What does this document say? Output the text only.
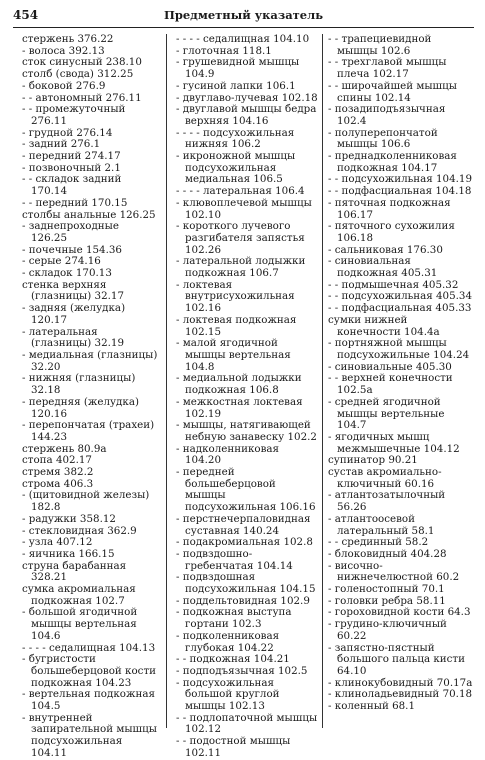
454	Предметный указатель

стержень 376.22

- волоса 392.13

сток синусный 238.10

столб (свода) 312.25

- боковой 276.9

- - автономный 276.11

- - промежуточный 276.11

- грудной 276.14

- задний 276.1

- передний 274.17

- позвоночный 2.1

- - складок задний 170.14

- - передний 170.15

столбы анальные 126.25

- заднепроходные 126.25

- почечные 154.36

- серые 274.16

- складок 170.13

стенка верхняя (глазницы) 32.17

- задняя (желудка) 120.17

- латеральная (глазницы) 32.19

- медиальная (глазницы) 32.20

- нижняя (глазницы) 32.18

- передняя (желудка) 120.16

- перепончатая (трахеи) 144.23

стержень 80.9а

стопа 402.17

стремя 382.2

строма 406.3

- (щитовидной железы) 182.8

- радужки 358.12

- стекловидная 362.9

- узла 407.12

- яичника 166.15

струна барабанная 328.21

сумка акромиальная подкожная 102.7

- большой ягодичной мышцы вертельная 104.6

- - - - седалищная 104.13

- бугристости большеберцовой кости подкожная 104.23

- вертельная подкожная 104.5

- внутренней запирательной мышцы подсухожильная 104.11

- - - - седалищная 104.10

- глоточная 118.1

- грушевидной мышцы 104.9

- гусиной лапки 106.1

- двуглаво-лучевая 102.18

- двуглавой мышцы бедра верхняя 104.16

- - - - подсухожильная нижняя 106.2

- икроножной мышцы подсухожильная медиальная 106.5

- - - - латеральная 106.4

- клювоплечевой мышцы 102.10

- короткого лучевого разгибателя запястья 102.26

- латеральной лодыжки подкожная 106.7

- локтевая внутрисухожильная 102.16

- локтевая подкожная 102.15

- малой ягодичной мышцы вертельная 104.8

- медиальной лодыжки подкожная 106.8

- межкостная локтевая 102.19

- мышцы, натягивающей небную занавеску 102.2

- надколенниковая 104.20

- передней большеберцовой мышцы подсухожильная 106.16

- перстнечерпаловидная суставная 140.24

- подакромиальная 102.8

- подвздошно-гребенчатая 104.14

- подвздошная подсухожильная 104.15

- поддельтовидная 102.9

- подкожная выступа гортани 102.3

- подколенниковая глубокая 104.22

- - подкожная 104.21

- подподъязычная 102.5

- подсухожильная большой круглой мышцы 102.13

- - подлопаточной мышцы 102.12

- - подостной мышцы 102.11

- - трапециевидной мышцы 102.6

- - трехглавой мышцы плеча 102.17

- - широчайшей мышцы спины 102.14

- позадиподъязычная 102.4

- полуперепончатой мышцы 106.6

- преднадколенниковая подкожная 104.17

- - подсухожильная 104.19

- - подфасциальная 104.18

- пяточная подкожная 106.17

- пяточного сухожилия 106.18

- сальниковая 176.30

- синовиальная подкожная 405.31

- - подмышечная 405.32

- - подсухожильная 405.34

- - подфасциальная 405.33

сумки нижней конечности 104.4а

- портняжной мышцы подсухожильные 104.24

- синовиальные 405.30

- - верхней конечности 102.5а

- средней ягодичной мышцы вертельные 104.7

- ягодичных мышц межмышечные 104.12

супинатор 90.21

сустав акромиально-ключичный 60.16

- атлантозатылочный 56.26

- атлантоосевой латеральный 58.1

- - срединный 58.2

- блоковидный 404.28

- височно-нижнечелюстной 60.2

- голеностопный 70.1

- головки ребра 58.11

- гороховидной кости 64.3

- грудино-ключичный 60.22

- запястно-пястный большого пальца кисти 64.10

- клинокубовидный 70.17а

- клиноладьевидный 70.18

- коленный 68.1
